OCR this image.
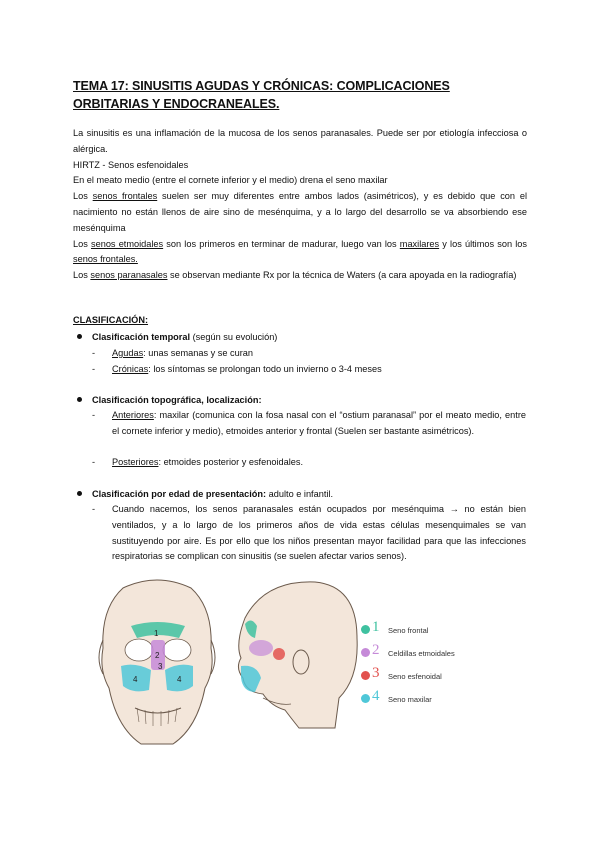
TEMA 17: SINUSITIS AGUDAS Y CRÓNICAS: COMPLICACIONES
ORBITARIAS Y ENDOCRANEALES.
La sinusitis es una inflamación de la mucosa de los senos paranasales. Puede ser por etiología infecciosa o alérgica.
HIRTZ - Senos esfenoidales
En el meato medio (entre el cornete inferior y el medio) drena el seno maxilar
Los senos frontales suelen ser muy diferentes entre ambos lados (asimétricos), y es debido que con el nacimiento no están llenos de aire sino de mesénquima, y a lo largo del desarrollo se va absorbiendo ese mesénquima
Los senos etmoidales son los primeros en terminar de madurar, luego van los maxilares y los últimos son los senos frontales.
Los senos paranasales se observan mediante Rx por la técnica de Waters (a cara apoyada en la radiografía)
CLASIFICACIÓN:
Clasificación temporal (según su evolución)
- Agudas: unas semanas y se curan
- Crónicas: los síntomas se prolongan todo un invierno o 3-4 meses
Clasificación topográfica, localización:
- Anteriores: maxilar (comunica con la fosa nasal con el “ostium paranasal” por el meato medio, entre el cornete inferior y medio), etmoides anterior y frontal (Suelen ser bastante asimétricos).
- Posteriores: etmoides posterior y esfenoidales.
Clasificación por edad de presentación: adulto e infantil.
- Cuando nacemos, los senos paranasales están ocupados por mesénquima → no están bien ventilados, y a lo largo de los primeros años de vida estas células mesenquimales se van sustituyendo por aire. Es por ello que los niños presentan mayor facilidad para que las infecciones respiratorias se complican con sinusitis (se suelen afectar varios senos).
1
2
3
4	4
1 Seno frontal
2 Celdillas etmoidales
3 Seno esfenoidal
4 Seno maxilar
